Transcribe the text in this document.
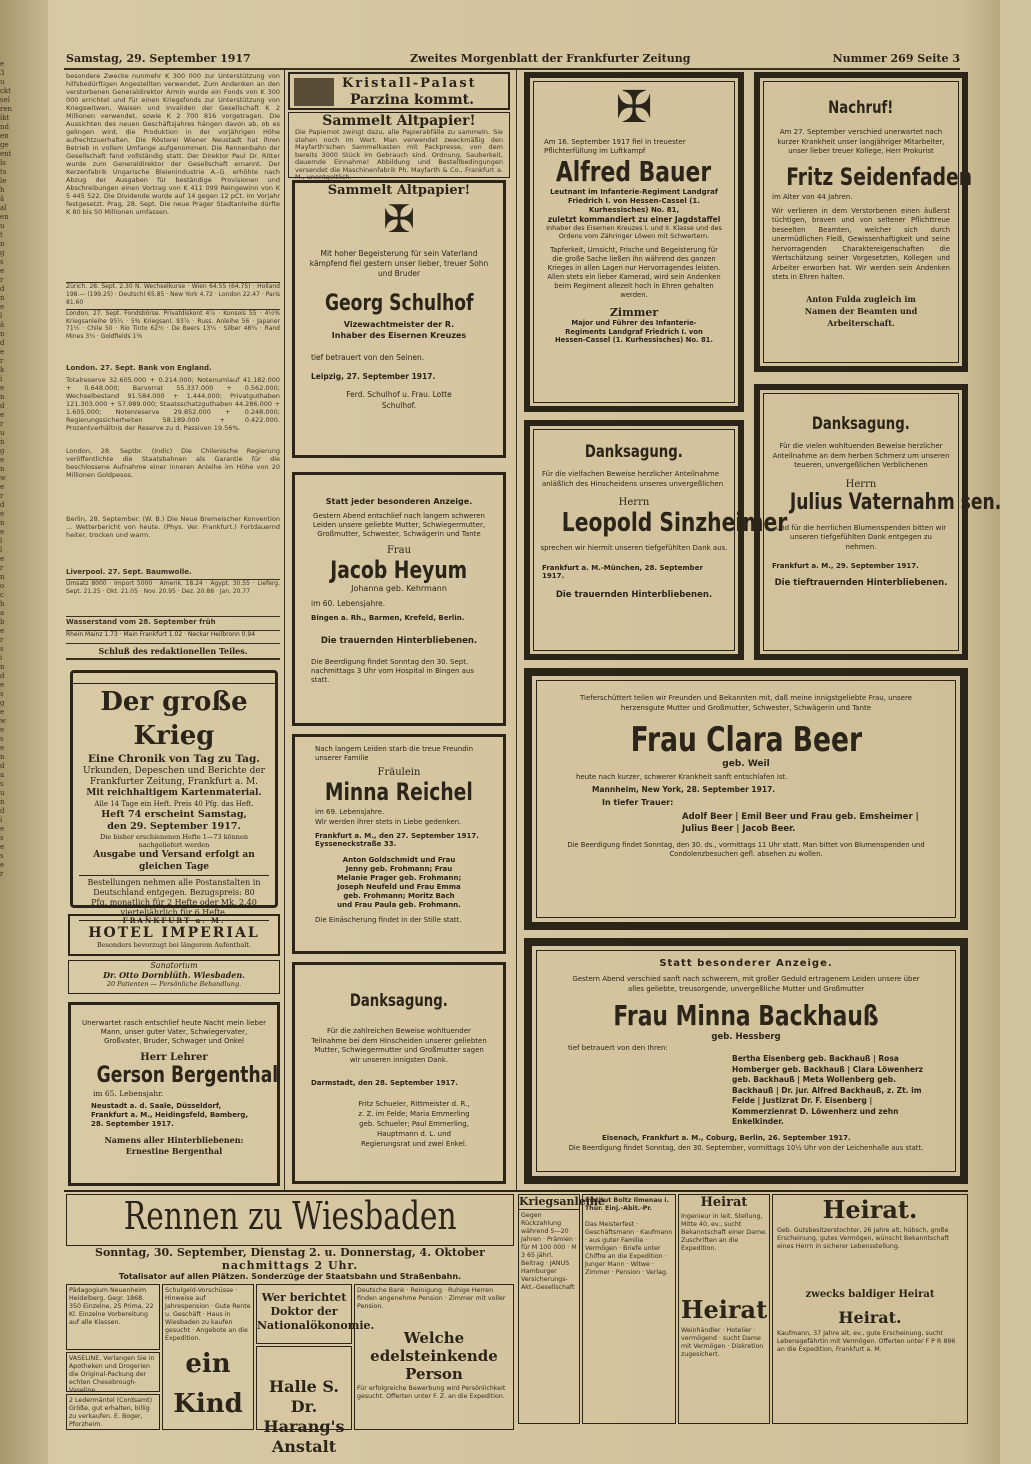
e
3
u
ckt
sel
ren
ikt
nd
en
ge
ent
ls
ts
le
h
ä
al
en
u
t
n
g
s
e
r
d
n
e
l
ä
n
d
e
r
k
i
e
n
d
e
r
u
n
g
e
n
w
e
r
d
e
n
e
l
l
e
r
n
o
c
h
a
b
e
r
s
i
n
d
e
s
g
e
w
e
s
e
n
d
a
s
u
n
d
i
e
s
e
s
e
r
Samstag, 29. September 1917	Zweites Morgenblatt der Frankfurter Zeitung	Nummer 269 Seite 3
besondere Zwecke nunmehr K 300 000 zur Unterstützung von hilfsbedürftigen Angestellten verwendet. Zum Andenken an den verstorbenen Generaldirektor Armin wurde ein Fonds von K 300 000 errichtet und für einen Kriegsfonds zur Unterstützung von Kriegswitwen, Waisen und Invaliden der Gesellschaft K 2 Millionen verwendet, sowie K 2 700 816 vorgetragen. Die Aussichten des neuen Geschäftsjahres hängen davon ab, ob es gelingen wird, die Produktion in der vorjährigen Höhe aufrechtzuerhalten. Die Rösterei Wiener Neustadt hat ihren Betrieb in vollem Umfange aufgenommen. Die Rennenbahn der Gesellschaft fand vollständig statt. Der Direktor Paul Dr. Ritter wurde zum Generaldirektor der Gesellschaft ernannt. Der Kerzenfabrik Ungarische Bleienindustrie A.-G. erhöhte nach Abzug der Ausgaben für beständige Provisionen und Abschreibungen einen Vortrag von K 411 099 Reingewinn von K 5 445 522. Die Dividende wurde auf 14 gegen 12 pCt. im Vorjahr festgesetzt. Prag, 28. Sept. Die neue Prager Stadtanleihe dürfte K 80 bis 50 Millionen umfassen.
Zürich. 28. Sept. 2.30 N. Wechselkurse · Wien 64.55 (64.75) · Holland 198.— (199.25) · Deutschl 65.85 · New York 4.72 · London 22.47 · Paris 81.60
London. 27. Sept. Fondsbörse. Privatdiskont 4⅞ · Konsols 55 · 4½% Kriegsanleihe 95¼ · 5% Kriegsanl. 93⅞ · Russ. Anleihe 56 · Japaner 71½ · Chile 50 · Rio Tinto 62½ · De Beers 13¼ · Silber 48¾ · Rand Mines 3¾ · Goldfields 1⅜
London. 27. Sept. Bank von England.
Totalreserve 32.605.000 + 0.214.000; Notenumlauf 41.182.000 + 0.648.000; Barvorrat 55.337.000 + 0.562.000; Wechselbestand 91.584.000 + 1.444.000; Privatguthaben 121.303.000 + 57.989.000; Staatsschatzguthaben 44.286.000 + 1.605.000; Notenreserve 29.852.000 + 0.248.000; Regierungssicherheiten 58.189.000 + 0.422.000. Prozentverhältnis der Reserve zu d. Passiven 19.56%.
London, 28. Septbr. (Indic) Die Chilenische Regierung veröffentlichte die Staatsbahnen als Garantie für die beschlossene Aufnahme einer inneren Anleihe im Höhe von 20 Millionen Goldpesos.
Berlin, 28. September. (W. B.) Die Neue Bremeischer Konvention ... Wetterbericht von heute. (Phys. Ver. Frankfurt.) Fortdauernd heiter, trocken und warm.
Liverpool. 27. Sept. Baumwolle.
Umsatz 8000 · Import 5000 · Amerik. 18.24 · Ägypt. 30.55 · Lieferg. Sept. 21.25 · Okt. 21.05 · Nov. 20.95 · Dez. 20.88 · Jan. 20.77
Wasserstand vom 28. September früh
Rhein Mainz 1.73 · Main Frankfurt 1.02 · Neckar Heilbronn 0.94
Schluß des redaktionellen Teiles.
Der große Krieg
Eine Chronik von Tag zu Tag.
Urkunden, Depeschen und Berichte der
Frankfurter Zeitung, Frankfurt a. M.
Mit reichhaltigem Kartenmaterial.
Alle 14 Tage ein Heft. Preis 40 Pfg. das Heft.
Heft 74 erscheint Samstag,
den 29. September 1917.
Die bisher erschienenen Hefte 1—73 können nachgeliefert werden
Ausgabe und Versand erfolgt an
gleichen Tage
Bestellungen nehmen alle Postanstalten in Deutschland entgegen. Bezugspreis: 80 Pfg. monatlich für 2 Hefte oder Mk. 2.40 vierteljährlich für 6 Hefte.
FRANKFURT a. M.
HOTEL IMPERIAL
Besonders bevorzugt bei längerem Aufenthalt.
Sanatorium
Dr. Otto Dornblüth. Wiesbaden.
20 Patienten — Persönliche Behandlung.
Unerwartet rasch entschlief heute Nacht mein lieber Mann, unser guter Vater, Schwiegervater, Großvater, Bruder, Schwager und Onkel
Herr Lehrer
Gerson Bergenthal
im 65. Lebensjahr.
Neustadt a. d. Saale, Düsseldorf, Frankfurt a. M., Heidingsfeld, Bamberg, 28. September 1917.
Namens aller Hinterbliebenen: Ernestine Bergenthal
Kristall-Palast
Parzina kommt.
Sammelt Altpapier!
Die Papiernot zwingt dazu, alle Papierabfälle zu sammeln. Sie stehen noch im Wert. Man verwendet zweckmäßig den Mayfarth'schen Sammelkasten mit Packpresse, von dem bereits 3000 Stück im Gebrauch sind. Ordnung, Sauberkeit, dauernde Einnahme! Abbildung und Bestellbedingungen versendet die Maschinenfabrik Ph. Mayfarth & Co., Frankfurt a. M., unentgeltlich.
Sammelt Altpapier!
✠
Mit hoher Begeisterung für sein Vaterland kämpfend fiel gestern unser lieber, treuer Sohn und Bruder
Georg Schulhof
Vizewachtmeister der R. Inhaber des Eisernen Kreuzes
tief betrauert von den Seinen.
Leipzig, 27. September 1917.
Ferd. Schulhof u. Frau. Lotte Schulhof.
Statt jeder besonderen Anzeige.
Gestern Abend entschlief nach langem schweren Leiden unsere geliebte Mutter, Schwiegermutter, Großmutter, Schwester, Schwägerin und Tante
Frau
Jacob Heyum
Johanna geb. Kehrmann
im 60. Lebensjahre.
Bingen a. Rh., Barmen, Krefeld, Berlin.
Die trauernden Hinterbliebenen.
Die Beerdigung findet Sonntag den 30. Sept. nachmittags 3 Uhr vom Hospital in Bingen aus statt.
Nach langem Leiden starb die treue Freundin unserer Familie
Fräulein
Minna Reichel
im 69. Lebensjahre.
Wir werden ihrer stets in Liebe gedenken.
Frankfurt a. M., den 27. September 1917. Eysseneckstraße 33.
Anton Goldschmidt und Frau Jenny geb. Frohmann; Frau Melanie Prager geb. Frohmann; Joseph Neufeld und Frau Emma geb. Frohmann; Moritz Bach und Frau Paula geb. Frohmann.
Die Einäscherung findet in der Stille statt.
Danksagung.
Für die zahlreichen Beweise wohltuender Teilnahme bei dem Hinscheiden unserer geliebten Mutter, Schwiegermutter und Großmutter sagen wir unseren innigsten Dank.
Darmstadt, den 28. September 1917.
Fritz Schueler, Rittmeister d. R., z. Z. im Felde; Maria Emmerling geb. Schueler; Paul Emmerling, Hauptmann d. L. und Regierungsrat und zwei Enkel.
✠
Am 16. September 1917 fiel in treuester Pflichterfüllung im Luftkampf
Alfred Bauer
Leutnant im Infanterie-Regiment Landgraf Friedrich I. von Hessen-Cassel (1. Kurhessisches) No. 81,
zuletzt kommandiert zu einer Jagdstaffel
Inhaber des Eisernen Kreuzes I. und II. Klasse und des Ordens vom Zähringer Löwen mit Schwertern.
Tapferkeit, Umsicht, Frische und Begeisterung für die große Sache ließen ihn während des ganzen Krieges in allen Lagen nur Hervorragendes leisten. Allen stets ein lieber Kamerad, wird sein Andenken beim Regiment allezeit hoch in Ehren gehalten werden.
Zimmer
Major und Führer des Infanterie-Regiments Landgraf Friedrich I. von Hessen-Cassel (1. Kurhessisches) No. 81.
Nachruf!
Am 27. September verschied unerwartet nach kurzer Krankheit unser langjähriger Mitarbeiter, unser lieber treuer Kollege, Herr Prokurist
Fritz Seidenfaden
im Alter von 44 Jahren.
Wir verlieren in dem Verstorbenen einen äußerst tüchtigen, braven und von seltener Pflichttreue beseelten Beamten, welcher sich durch unermüdlichen Fleiß, Gewissenhaftigkeit und seine hervorragenden Charaktereigenschaften die Wertschätzung seiner Vorgesetzten, Kollegen und Arbeiter erworben hat. Wir werden sein Andenken stets in Ehren halten.
Anton Fulda zugleich im Namen der Beamten und Arbeiterschaft.
Danksagung.
Für die vielfachen Beweise herzlicher Anteilnahme anläßlich des Hinscheidens unseres unvergeßlichen
Herrn
Leopold Sinzheimer
sprechen wir hiermit unseren tiefgefühlten Dank aus.
Frankfurt a. M.-München, 28. September 1917.
Die trauernden Hinterbliebenen.
Danksagung.
Für die vielen wohltuenden Beweise herzlicher Anteilnahme an dem herben Schmerz um unseren teueren, unvergeßlichen Verblichenen
Herrn
Julius Vaternahm sen.
und für die herrlichen Blumenspenden bitten wir unseren tiefgefühlten Dank entgegen zu nehmen.
Frankfurt a. M., 29. September 1917.
Die tieftrauernden Hinterbliebenen.
Tieferschüttert teilen wir Freunden und Bekannten mit, daß meine innigstgeliebte Frau, unsere herzensgute Mutter und Großmutter, Schwester, Schwägerin und Tante
Frau Clara Beer
geb. Weil
heute nach kurzer, schwerer Krankheit sanft entschlafen ist.
Mannheim, New York, 28. September 1917.
In tiefer Trauer:
Adolf Beer | Emil Beer und Frau geb. Emsheimer | Julius Beer | Jacob Beer.
Die Beerdigung findet Sonntag, den 30. ds., vormittags 11 Uhr statt. Man bittet von Blumenspenden und Condolenzbesuchen gefl. absehen zu wollen.
Statt besonderer Anzeige.
Gestern Abend verschied sanft nach schwerem, mit großer Geduld ertragenem Leiden unsere über alles geliebte, treusorgende, unvergeßliche Mutter und Großmutter
Frau Minna Backhauß
geb. Hessberg
tief betrauert von den Ihren:
Bertha Eisenberg geb. Backhauß | Rosa Homberger geb. Backhauß | Clara Löwenherz geb. Backhauß | Meta Wollenberg geb. Backhauß | Dr. jur. Alfred Backhauß, z. Zt. im Felde | Justizrat Dr. F. Eisenberg | Kommerzienrat D. Löwenherz und zehn Enkelkinder.
Eisenach, Frankfurt a. M., Coburg, Berlin, 26. September 1917.
Die Beerdigung findet Sonntag, den 30. September, vormittags 10½ Uhr von der Leichenhalle aus statt.
Rennen zu Wiesbaden
Sonntag, 30. September, Dienstag 2. u. Donnerstag, 4. Oktober
nachmittags 2 Uhr.
Totalisator auf allen Plätzen. Sonderzüge der Staatsbahn und Straßenbahn.
Pädagogium Neuenheim Heidelberg. Gegr. 1868. 350 Einzelne, 25 Prima, 22 Kl. Einzelne Vorbereitung auf alle Klassen.
VASELINE. Verlangen Sie in Apotheken und Drogerien die Original-Packung der echten Chesebrough-Vaseline.
2 Ledermäntel (Cordsamt) Größe, gut erhalten, billig zu verkaufen. E. Boger, Pforzheim.
Schulgeld-Vorschüsse · Hinweise auf Jahrespension · Gute Rente u. Geschäft · Haus in Wiesbaden zu kaufen gesucht · Angebote an die Expedition.
Wer berichtet Doktor der Nationalökonomie.
ein Kind
Halle S. Dr. Harang's Anstalt
Deutsche Bank · Reinigung · Ruhige Herren finden angenehme Pension · Zimmer mit voller Pension.
Welche edelsteinkende Person
Für erfolgreiche Bewerbung wird Persönlichkeit gesucht. Offerten unter F. Z. an die Expedition.
Kriegsanleihe
Gegen Rückzahlung während 5—20 Jahren · Prämien · für M 100 000 · M 3 65 jährl. Beitrag · JANUS Hamburger Versicherungs-Akt.-Gesellschaft
Institut Boltz Ilmenau i. Thür. Einj.-Abit.-Pr.
Das Meisterfest · Geschäftsmann · Kaufmann · aus guter Familie · Vermögen · Briefe unter Chiffre an die Expedition · Junger Mann · Witwe · Zimmer · Pension · Verlag.
Heirat
Ingenieur in leit. Stellung, Mitte 40, ev., sucht Bekanntschaft einer Dame. Zuschriften an die Expedition.
Heirat
Weinhändler · Hotelier · vermögend · sucht Dame mit Vermögen · Diskretion zugesichert.
Heirat.
Geb. Gutsbesitzerstochter, 26 Jahre alt, hübsch, große Erscheinung, gutes Vermögen, wünscht Bekanntschaft eines Herrn in sicherer Lebensstellung.
zwecks baldiger Heirat
Heirat.
Kaufmann, 37 Jahre alt, ev., gute Erscheinung, sucht Lebensgefährtin mit Vermögen. Offerten unter F P R 896 an die Expedition, Frankfurt a. M.
